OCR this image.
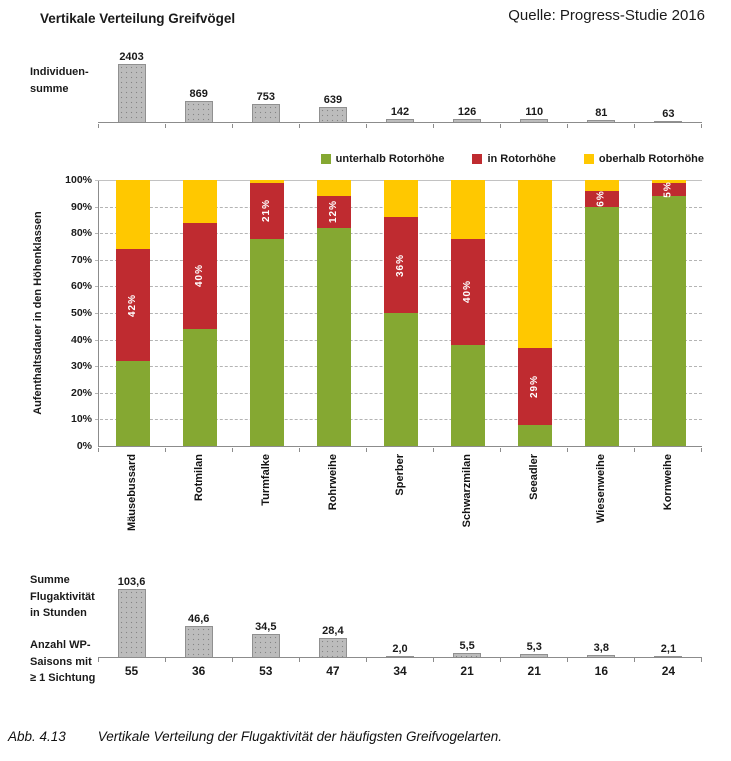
Vertikale Verteilung Greifvögel	Quelle: Progress-Studie 2016
Individuen-
summe
2403
869	753	639
142	126	110	81	63
unterhalb Rotorhöhe	in Rotorhöhe	oberhalb Rotorhöhe
Aufenthaltsdauer in den Höhenklassen
100%
90%
80%
70%
60%
50%
40%
30%
20%
10%
0%
42%
40%
21%	12%
36%
40%
29%
6%
5%
Mäusebussard	Rotmilan	Turmfalke	Rohrweihe	Sperber	Schwarzmilan	Seeadler	Wiesenweihe	Kornweihe
Summe
Flugaktivität
in Stunden
Anzahl WP-
Saisons mit
≥ 1 Sichtung
103,6
46,6
34,5	28,4
2,0	5,5	5,3	3,8	2,1
55	36	53	47	34	21	21	16	24
Abb. 4.13 Vertikale Verteilung der Flugaktivität der häufigsten Greifvogelarten.
